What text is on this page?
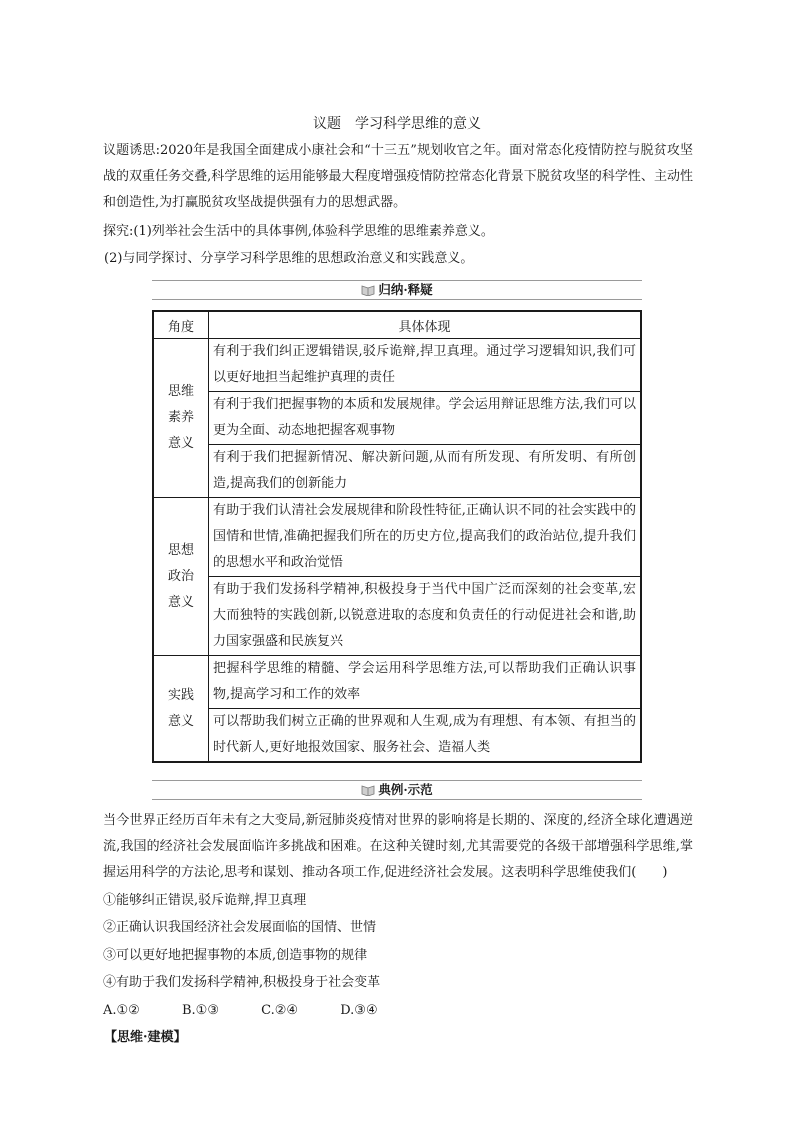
议题 学习科学思维的意义
议题诱思:2020年是我国全面建成小康社会和“十三五”规划收官之年。面对常态化疫情防控与脱贫攻坚战的双重任务交叠,科学思维的运用能够最大程度增强疫情防控常态化背景下脱贫攻坚的科学性、主动性和创造性,为打赢脱贫攻坚战提供强有力的思想武器。
探究:(1)列举社会生活中的具体事例,体验科学思维的思维素养意义。
(2)与同学探讨、分享学习科学思维的思想政治意义和实践意义。
归纳·释疑
角度	具体体现

思维
素养
意义	有利于我们纠正逻辑错误,驳斥诡辩,捍卫真理。通过学习逻辑知识,我们可以更好地担当起维护真理的责任
	有利于我们把握事物的本质和发展规律。学会运用辩证思维方法,我们可以更为全面、动态地把握客观事物
	有利于我们把握新情况、解决新问题,从而有所发现、有所发明、有所创造,提高我们的创新能力

思想
政治
意义	有助于我们认清社会发展规律和阶段性特征,正确认识不同的社会实践中的国情和世情,准确把握我们所在的历史方位,提高我们的政治站位,提升我们的思想水平和政治觉悟
	有助于我们发扬科学精神,积极投身于当代中国广泛而深刻的社会变革,宏大而独特的实践创新,以锐意进取的态度和负责任的行动促进社会和谐,助力国家强盛和民族复兴

实践
意义	把握科学思维的精髓、学会运用科学思维方法,可以帮助我们正确认识事物,提高学习和工作的效率
	可以帮助我们树立正确的世界观和人生观,成为有理想、有本领、有担当的时代新人,更好地报效国家、服务社会、造福人类
典例·示范
当今世界正经历百年未有之大变局,新冠肺炎疫情对世界的影响将是长期的、深度的,经济全球化遭遇逆流,我国的经济社会发展面临许多挑战和困难。在这种关键时刻,尤其需要党的各级干部增强科学思维,掌握运用科学的方法论,思考和谋划、推动各项工作,促进经济社会发展。这表明科学思维使我们(　　)
①能够纠正错误,驳斥诡辩,捍卫真理
②正确认识我国经济社会发展面临的国情、世情
③可以更好地把握事物的本质,创造事物的规律
④有助于我们发扬科学精神,积极投身于社会变革
A.①②	B.①③	C.②④	D.③④
【思维·建模】
